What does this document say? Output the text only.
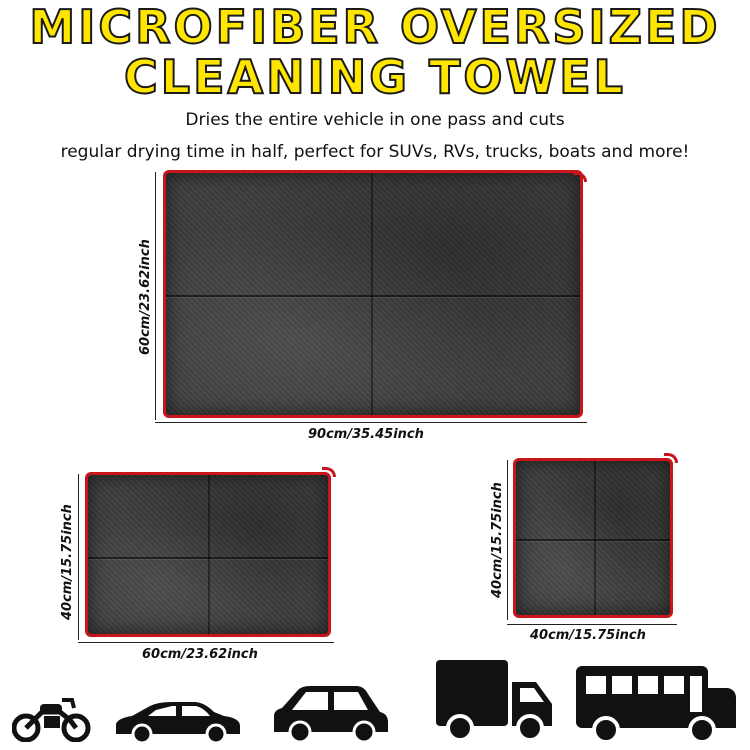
MICROFIBER OVERSIZED
CLEANING TOWEL
Dries the entire vehicle in one pass and cuts
regular drying time in half, perfect for SUVs, RVs, trucks, boats and more!
90cm/35.45inch
60cm/23.62inch
60cm/23.62inch
40cm/15.75inch
40cm/15.75inch
40cm/15.75inch
